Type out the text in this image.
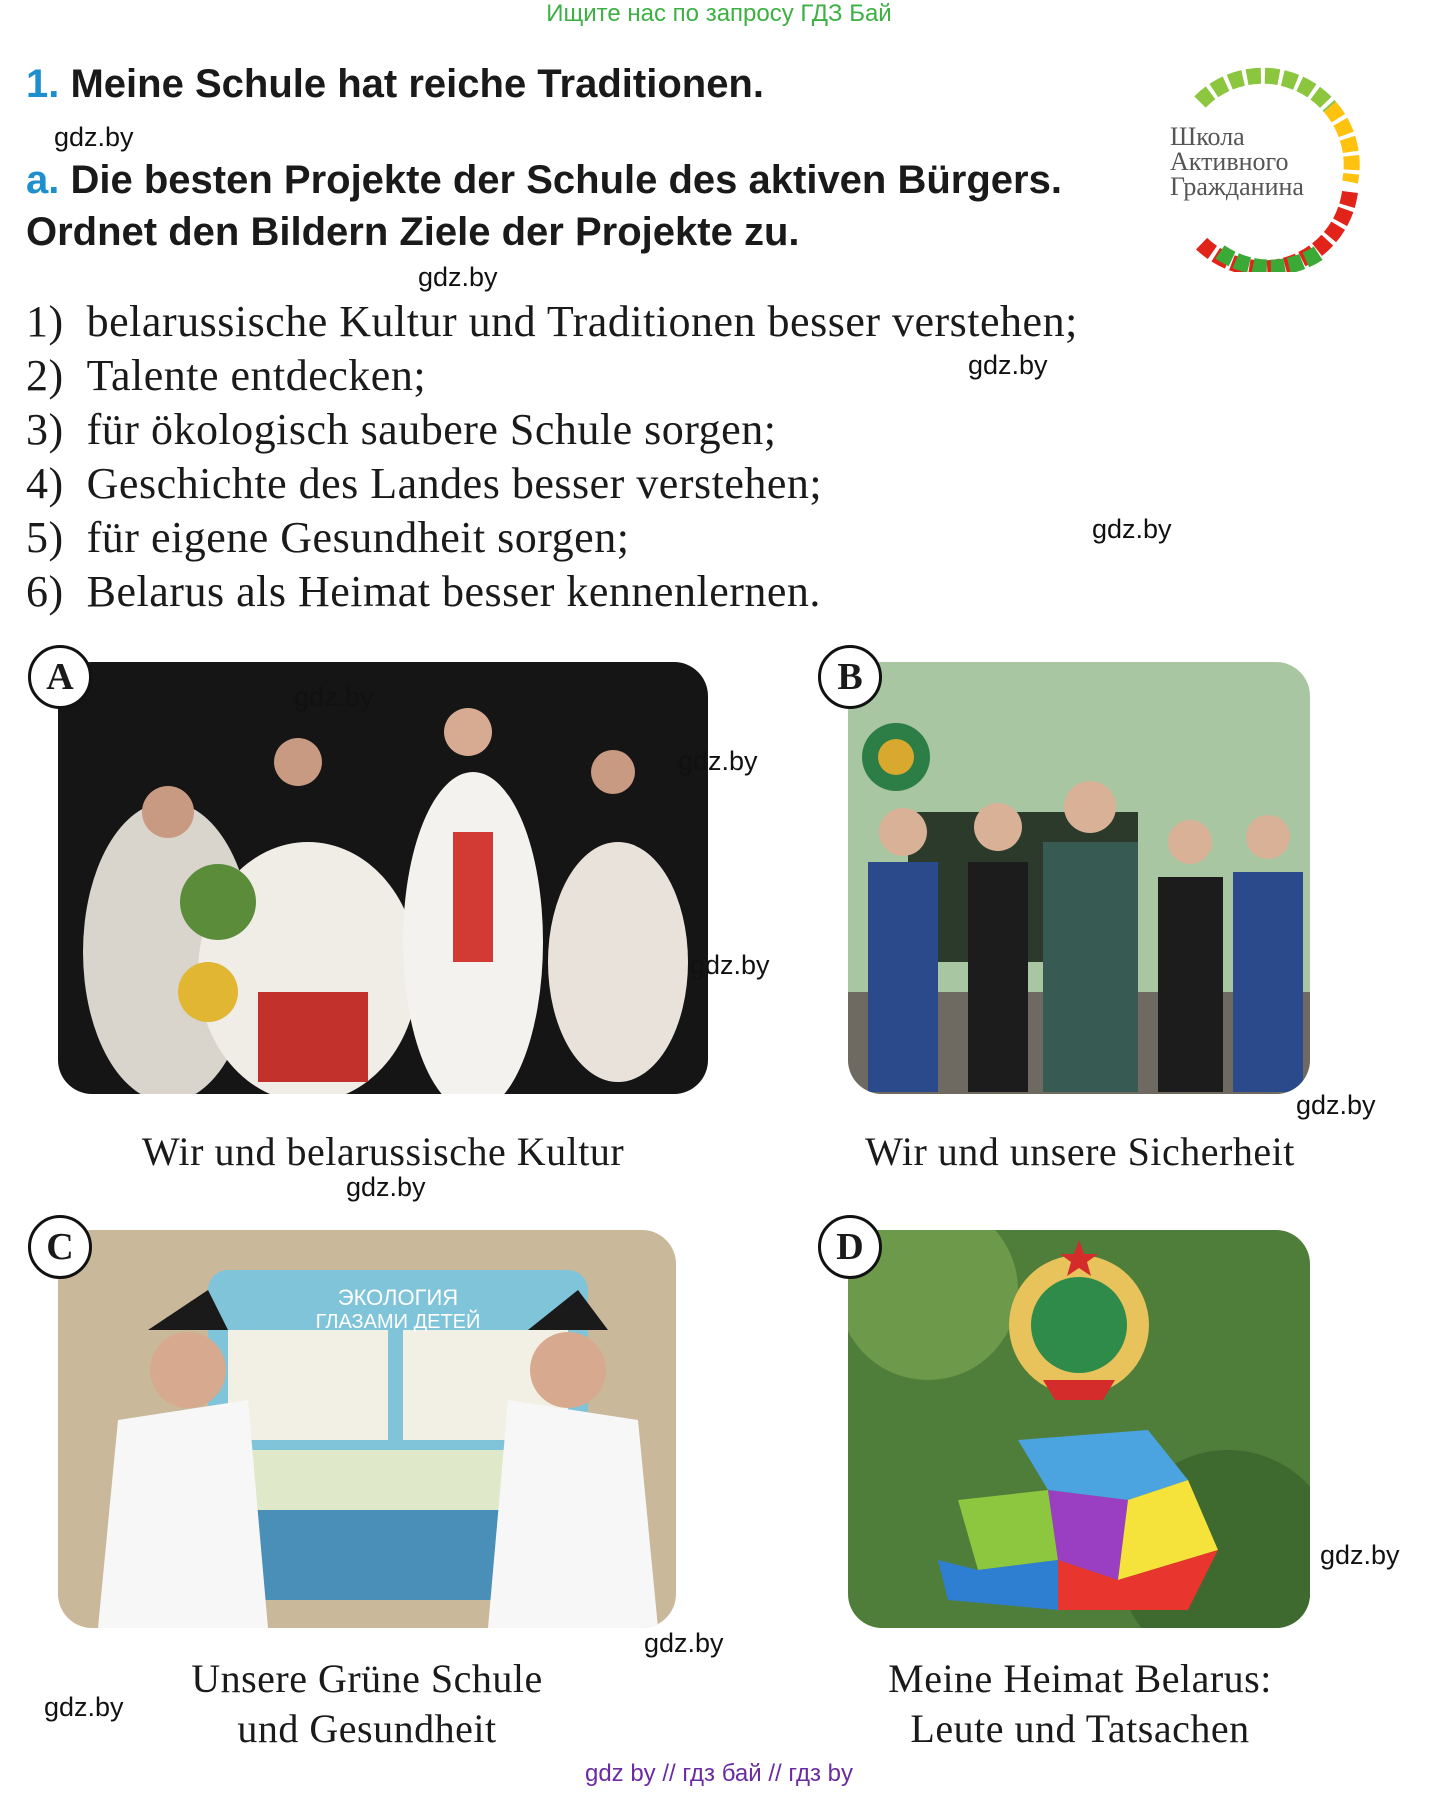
Ищите нас по запросу ГДЗ Бай
1. Meine Schule hat reiche Traditionen.
a. Die besten Projekte der Schule des aktiven Bürgers.
Ordnet den Bildern Ziele der Projekte zu.
Школа
Активного
Гражданина
1) belarussische Kultur und Traditionen besser verstehen;
2) Talente entdecken;
3) für ökologisch saubere Schule sorgen;
4) Geschichte des Landes besser verstehen;
5) für eigene Gesundheit sorgen;
6) Belarus als Heimat besser kennenlernen.
A
Wir und belarussische Kultur
B
Wir und unsere Sicherheit
ЭКОЛОГИЯ
ГЛАЗАМИ ДЕТЕЙ
C
Unsere Grüne Schule
und Gesundheit
D
Meine Heimat Belarus:
Leute und Tatsachen
gdz.by
gdz.by
gdz.by
gdz.by
gdz.by
gdz.by
gdz.by
gdz.by
gdz.by
gdz.by
gdz.by
gdz.by
gdz by // гдз бай // гдз by
